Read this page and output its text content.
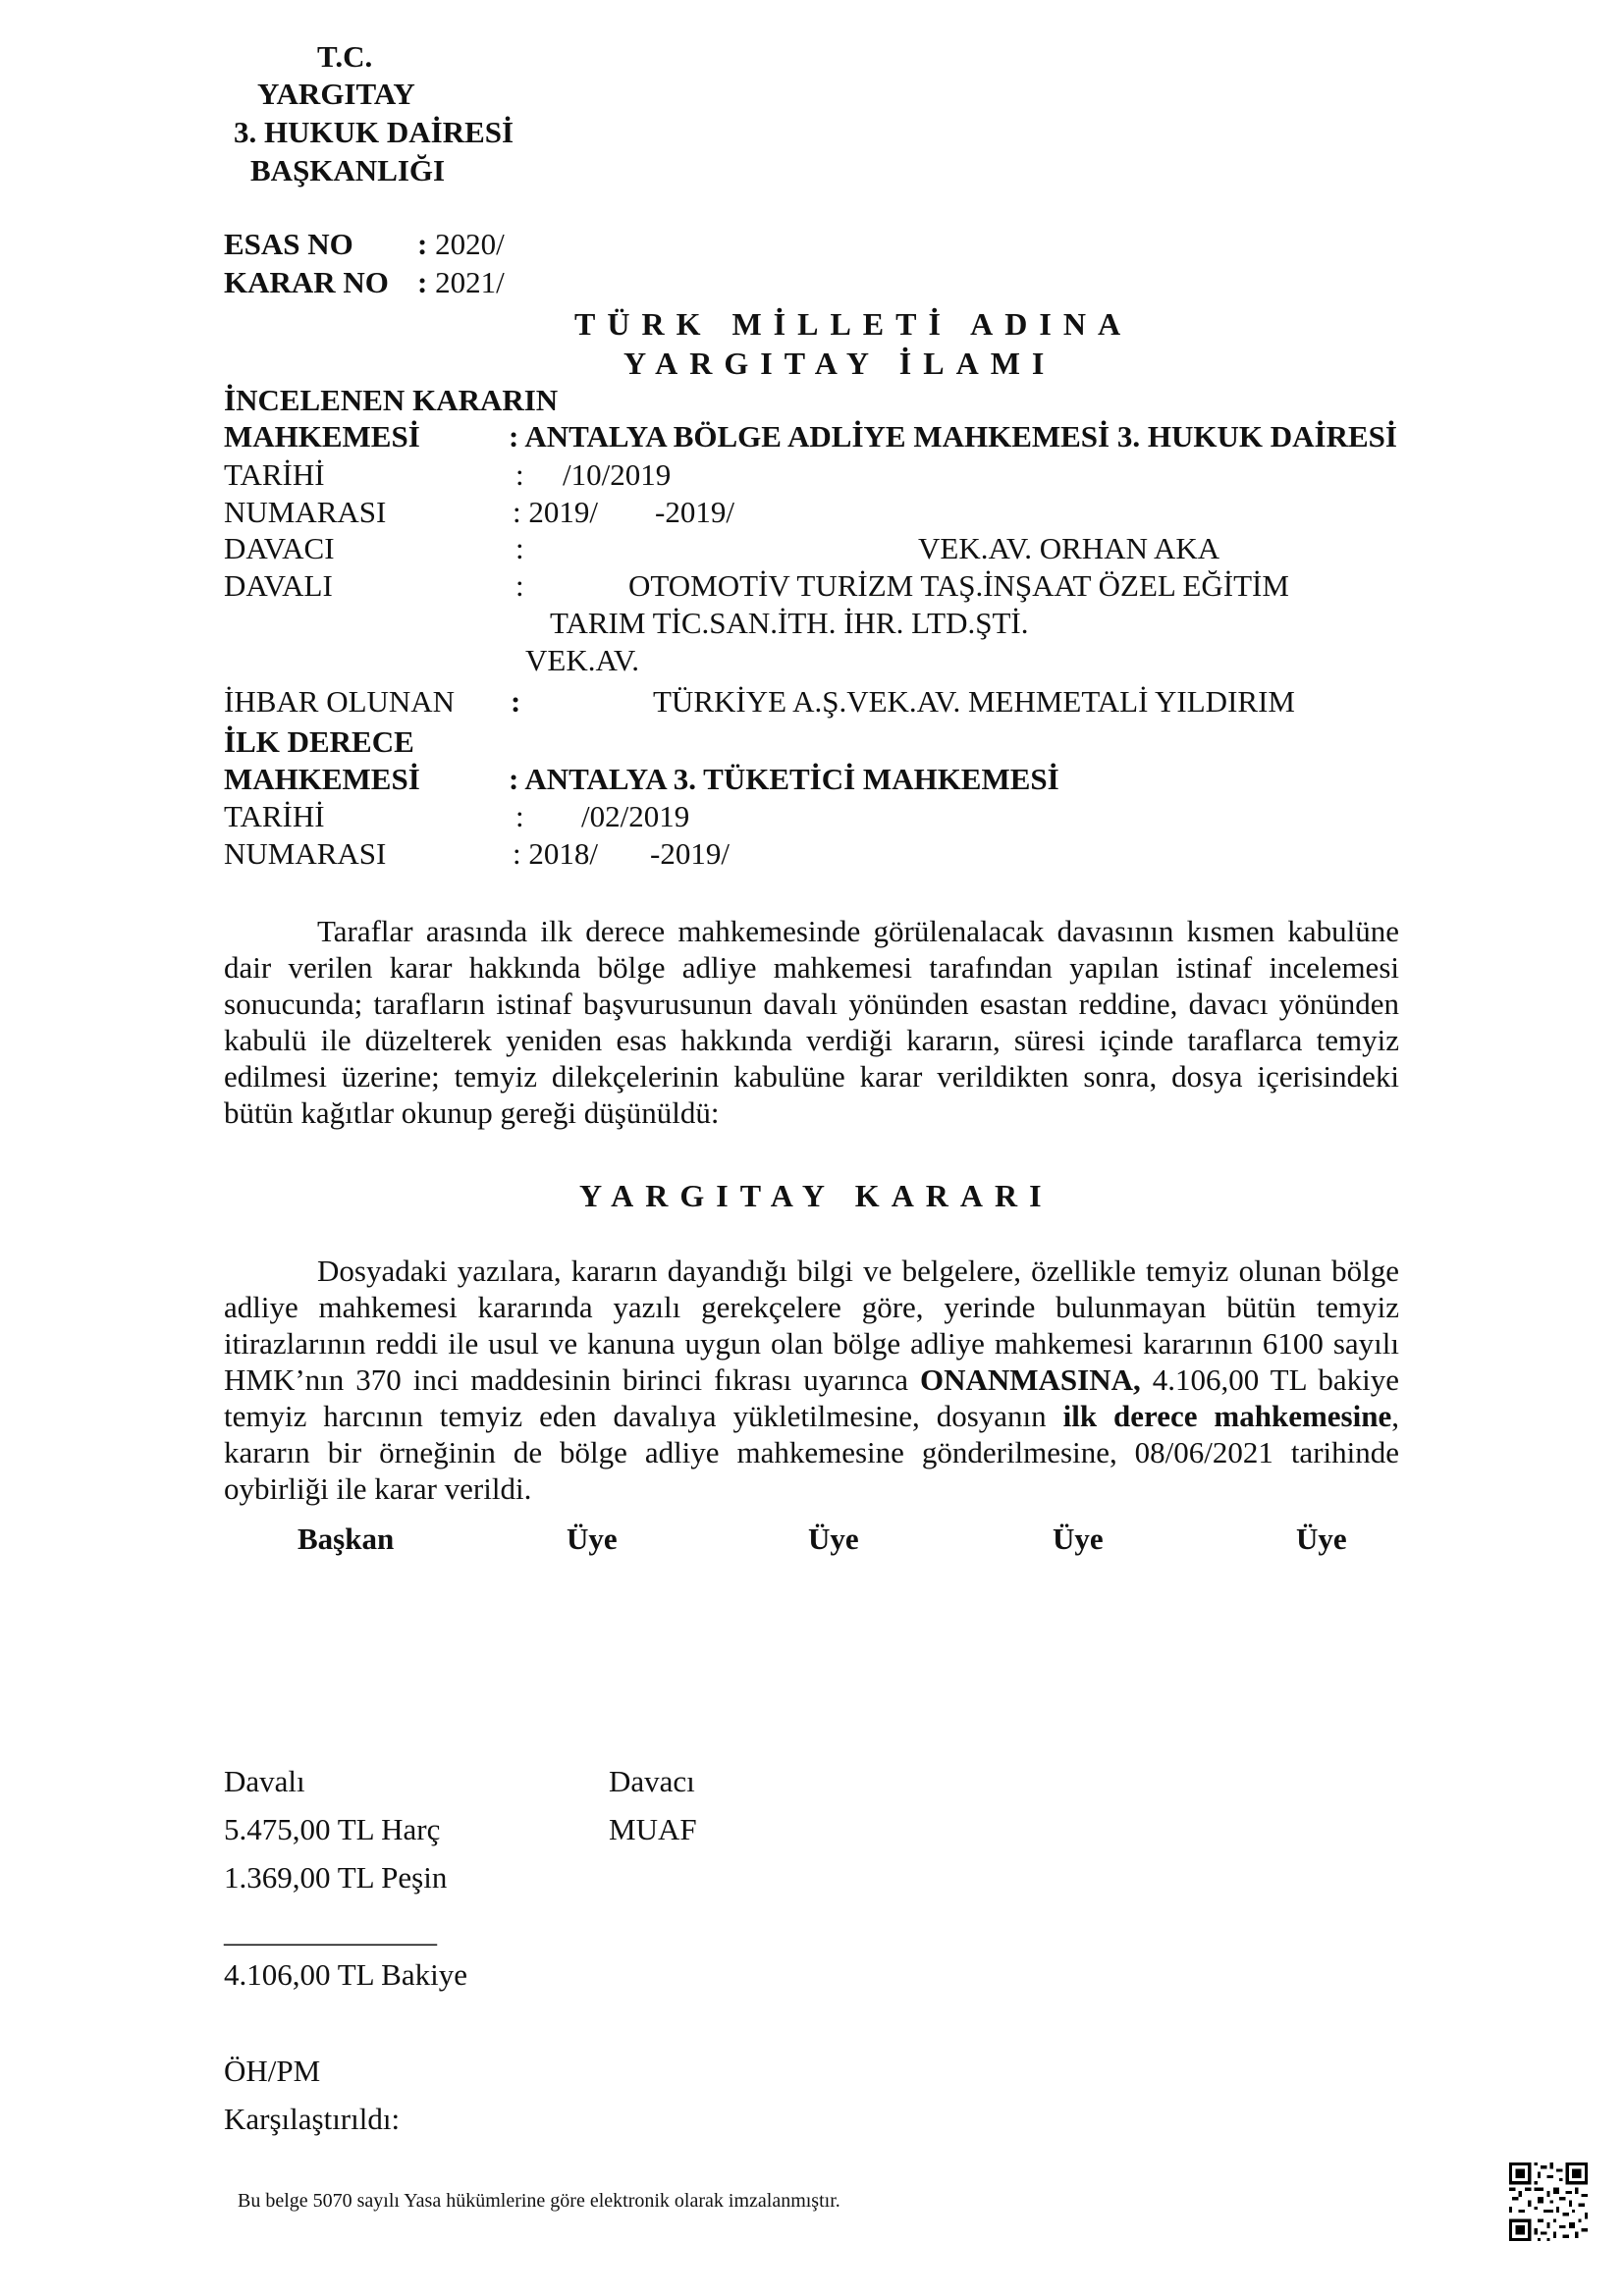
T.C.
YARGITAY
3. HUKUK DAİRESİ
BAŞKANLIĞI
ESAS NO : 2020/
KARAR NO : 2021/
TÜRK MİLLETİ ADINA
YARGITAY İLAMI
İNCELENEN KARARIN
MAHKEMESİ	: ANTALYA BÖLGE ADLİYE MAHKEMESİ 3. HUKUK DAİRESİ
TARİHİ	: /10/2019
NUMARASI	: 2019/ -2019/
DAVACI	:	VEK.AV. ORHAN AKA
DAVALI	:	OTOMOTİV TURİZM TAŞ.İNŞAAT ÖZEL EĞİTİM
TARIM TİC.SAN.İTH. İHR. LTD.ŞTİ.
VEK.AV.
İHBAR OLUNAN :	TÜRKİYE A.Ş.VEK.AV. MEHMETALİ YILDIRIM
İLK DERECE
MAHKEMESİ	: ANTALYA 3. TÜKETİCİ MAHKEMESİ
TARİHİ	: /02/2019
NUMARASI	: 2018/ -2019/
Taraflar arasında ilk derece mahkemesinde görülenalacak davasının kısmen kabulüne dair verilen karar hakkında bölge adliye mahkemesi tarafından yapılan istinaf incelemesi sonucunda; tarafların istinaf başvurusunun davalı yönünden esastan reddine, davacı yönünden kabulü ile düzelterek yeniden esas hakkında verdiği kararın, süresi içinde taraflarca temyiz edilmesi üzerine; temyiz dilekçelerinin kabulüne karar verildikten sonra, dosya içerisindeki bütün kağıtlar okunup gereği düşünüldü:
YARGITAY KARARI
Dosyadaki yazılara, kararın dayandığı bilgi ve belgelere, özellikle temyiz olunan bölge adliye mahkemesi kararında yazılı gerekçelere göre, yerinde bulunmayan bütün temyiz itirazlarının reddi ile usul ve kanuna uygun olan bölge adliye mahkemesi kararının 6100 sayılı HMK’nın 370 inci maddesinin birinci fıkrası uyarınca ONANMASINA, 4.106,00 TL bakiye temyiz harcının temyiz eden davalıya yükletilmesine, dosyanın ilk derece mahkemesine, kararın bir örneğinin de bölge adliye mahkemesine gönderilmesine, 08/06/2021 tarihinde oybirliği ile karar verildi.
Başkan	Üye	Üye	Üye	Üye
Davalı	Davacı
5.475,00 TL Harç	MUAF
1.369,00 TL Peşin
______________
4.106,00 TL Bakiye
ÖH/PM
Karşılaştırıldı:
Bu belge 5070 sayılı Yasa hükümlerine göre elektronik olarak imzalanmıştır.
